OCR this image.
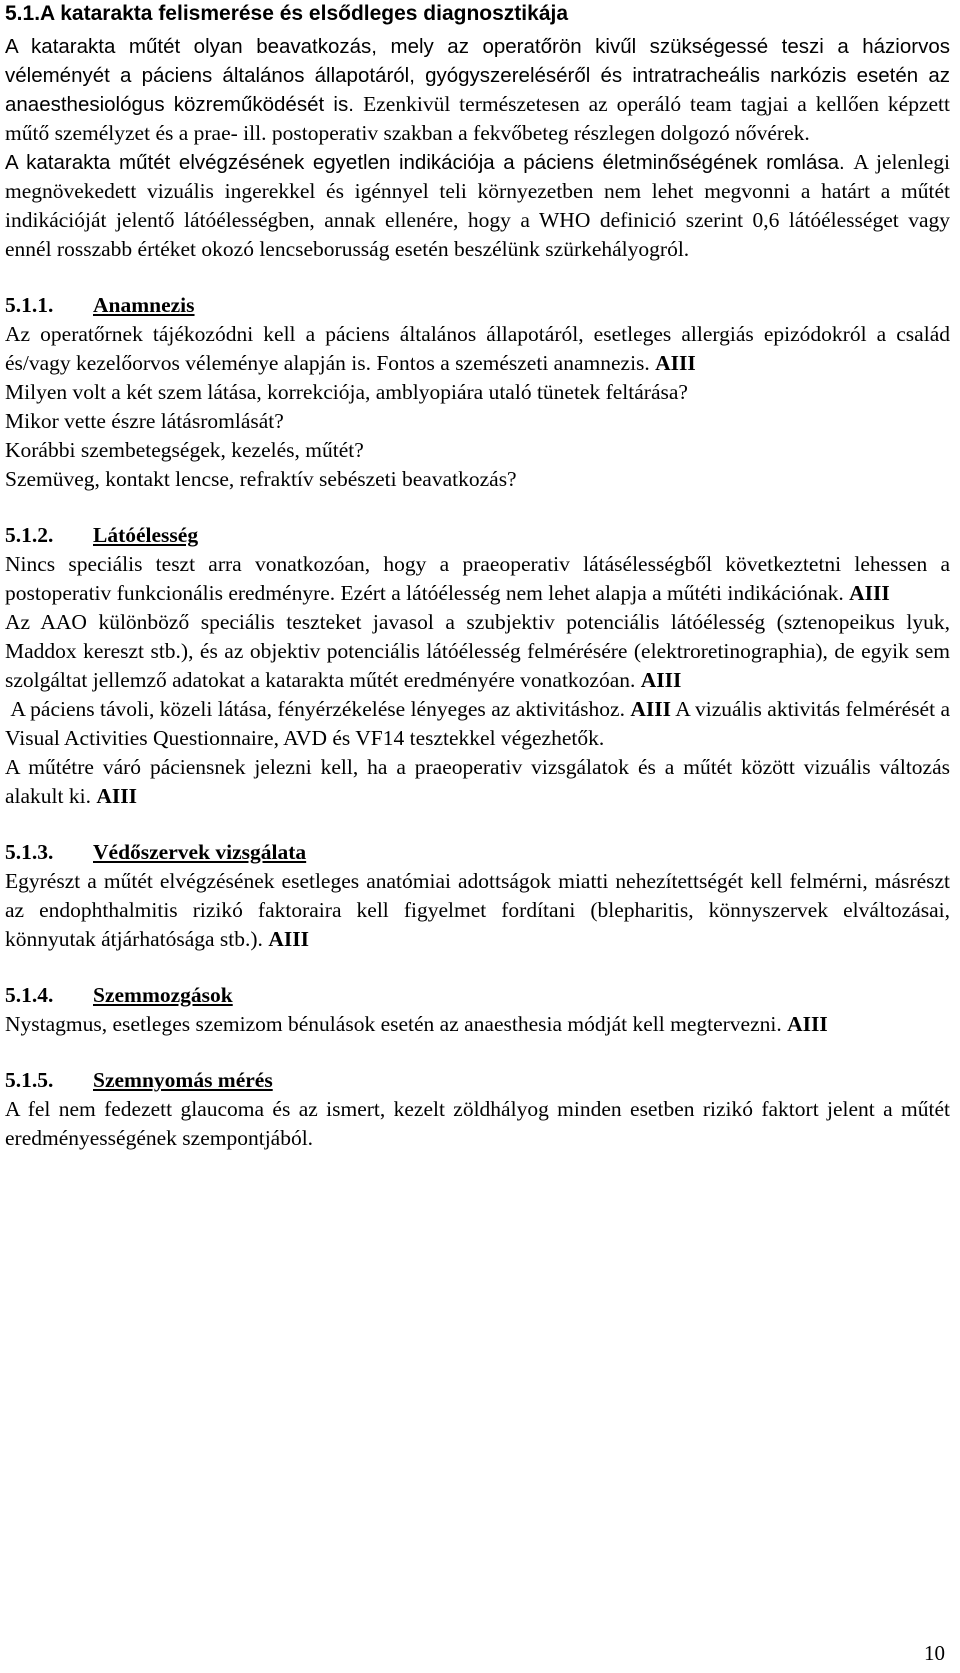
5.1.A katarakta felismerése és elsődleges diagnosztikája

A katarakta műtét olyan beavatkozás, mely az operatőrön kivűl szükségessé teszi a háziorvos véleményét a páciens általános állapotáról, gyógyszereléséről és intratracheális narkózis esetén az anaesthesiológus közreműködését is. Ezenkivül természetesen az operáló team tagjai a kellően képzett műtő személyzet és a prae- ill. postoperativ szakban a fekvőbeteg részlegen dolgozó nővérek.

A katarakta műtét elvégzésének egyetlen indikációja a páciens életminőségének romlása. A jelenlegi megnövekedett vizuális ingerekkel és igénnyel teli környezetben nem lehet megvonni a határt a műtét indikációját jelentő látóélességben, annak ellenére, hogy a WHO definició szerint 0,6 látóélességet vagy ennél rosszabb értéket okozó lencseborusság esetén beszélünk szürkehályogról.

5.1.1. Anamnezis

Az operatőrnek tájékozódni kell a páciens általános állapotáról, esetleges allergiás epizódokról a család és/vagy kezelőorvos véleménye alapján is. Fontos a szemészeti anamnezis. AIII

Milyen volt a két szem látása, korrekciója, amblyopiára utaló tünetek feltárása?

Mikor vette észre látásromlását?

Korábbi szembetegségek, kezelés, műtét?

Szemüveg, kontakt lencse, refraktív sebészeti beavatkozás?

5.1.2. Látóélesség

Nincs speciális teszt arra vonatkozóan, hogy a praeoperativ látásélességből következtetni lehessen a postoperativ funkcionális eredményre. Ezért a látóélesség nem lehet alapja a műtéti indikációnak. AIII

Az AAO különböző speciális teszteket javasol a szubjektiv potenciális látóélesség (sztenopeikus lyuk, Maddox kereszt stb.), és az objektiv potenciális látóélesség felmérésére (elektroretinographia), de egyik sem szolgáltat jellemző adatokat a katarakta műtét eredményére vonatkozóan. AIII

A páciens távoli, közeli látása, fényérzékelése lényeges az aktivitáshoz. AIII A vizuális aktivitás felmérését a Visual Activities Questionnaire, AVD és VF14 tesztekkel végezhetők.

A műtétre váró páciensnek jelezni kell, ha a praeoperativ vizsgálatok és a műtét között vizuális változás alakult ki. AIII

5.1.3. Védőszervek vizsgálata

Egyrészt a műtét elvégzésének esetleges anatómiai adottságok miatti nehezítettségét kell felmérni, másrészt az endophthalmitis rizikó faktoraira kell figyelmet fordítani (blepharitis, könnyszervek elváltozásai, könnyutak átjárhatósága stb.). AIII

5.1.4. Szemmozgások

Nystagmus, esetleges szemizom bénulások esetén az anaesthesia módját kell megtervezni. AIII

5.1.5. Szemnyomás mérés

A fel nem fedezett glaucoma és az ismert, kezelt zöldhályog minden esetben rizikó faktort jelent a műtét eredményességének szempontjából.

10
